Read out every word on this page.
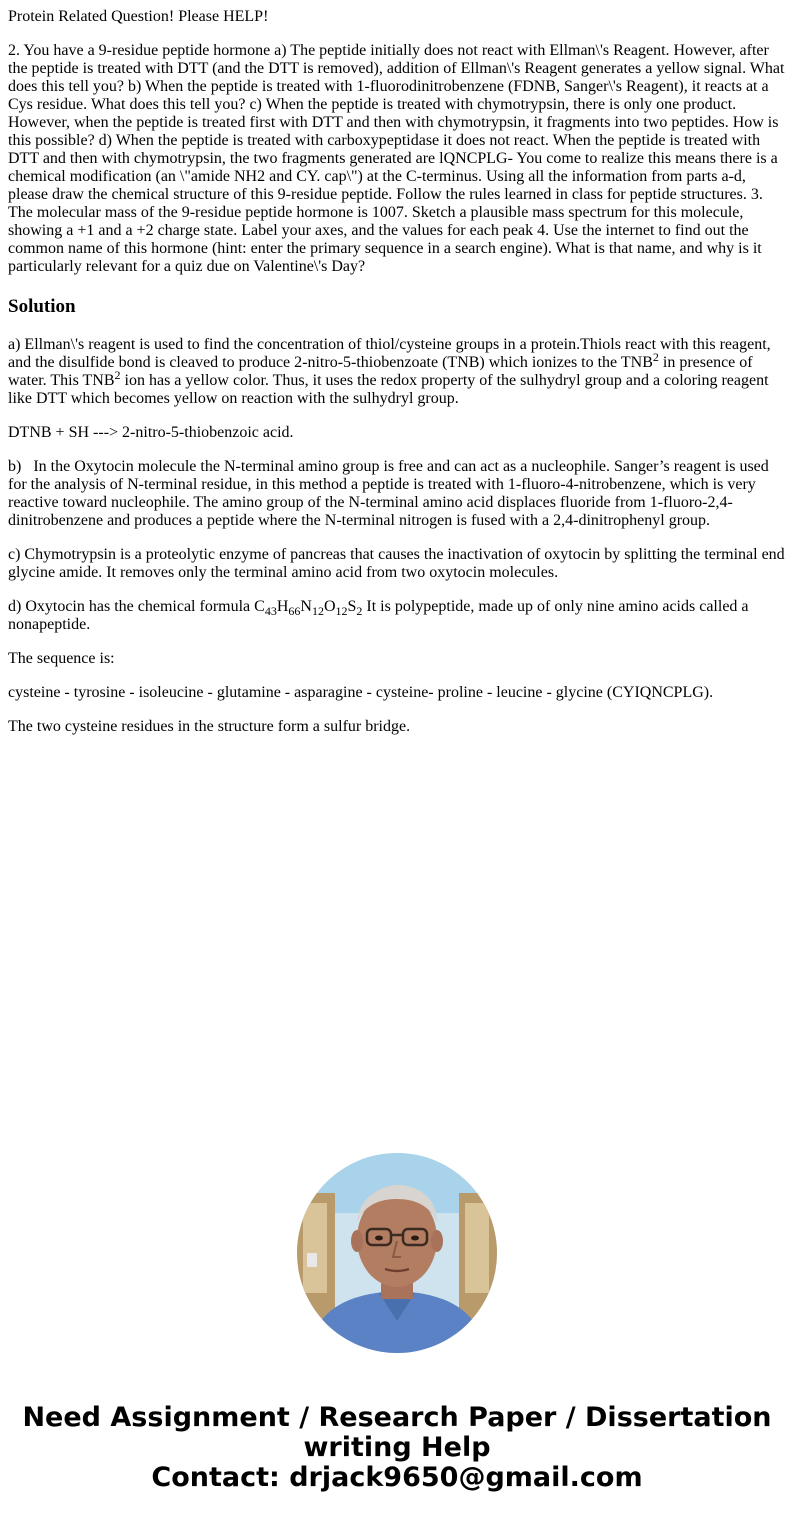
Protein Related Question! Please HELP!

2. You have a 9-residue peptide hormone a) The peptide initially does not react with Ellman\'s Reagent. However, after the peptide is treated with DTT (and the DTT is removed), addition of Ellman\'s Reagent generates a yellow signal. What does this tell you? b) When the peptide is treated with 1-fluorodinitrobenzene (FDNB, Sanger\'s Reagent), it reacts at a Cys residue. What does this tell you? c) When the peptide is treated with chymotrypsin, there is only one product. However, when the peptide is treated first with DTT and then with chymotrypsin, it fragments into two peptides. How is this possible? d) When the peptide is treated with carboxypeptidase it does not react. When the peptide is treated with DTT and then with chymotrypsin, the two fragments generated are lQNCPLG- You come to realize this means there is a chemical modification (an \"amide NH2 and CY. cap\") at the C-terminus. Using all the information from parts a-d, please draw the chemical structure of this 9-residue peptide. Follow the rules learned in class for peptide structures. 3. The molecular mass of the 9-residue peptide hormone is 1007. Sketch a plausible mass spectrum for this molecule, showing a +1 and a +2 charge state. Label your axes, and the values for each peak 4. Use the internet to find out the common name of this hormone (hint: enter the primary sequence in a search engine). What is that name, and why is it particularly relevant for a quiz due on Valentine\'s Day?

Solution

a) Ellman\'s reagent is used to find the concentration of thiol/cysteine groups in a protein.Thiols react with this reagent, and the disulfide bond is cleaved to produce 2-nitro-5-thiobenzoate (TNB) which ionizes to the TNB$^2$ in presence of water. This TNB$^2$ ion has a yellow color. Thus, it uses the redox property of the sulhydryl group and a coloring reagent like DTT which becomes yellow on reaction with the sulhydryl group.

DTNB + SH ---> 2-nitro-5-thiobenzoic acid.

b)   In the Oxytocin molecule the N-terminal amino group is free and can act as a nucleophile. Sanger’s reagent is used for the analysis of N-terminal residue, in this method a peptide is treated with 1-fluoro-4-nitrobenzene, which is very reactive toward nucleophile. The amino group of the N-terminal amino acid displaces fluoride from 1-fluoro-2,4-dinitrobenzene and produces a peptide where the N-terminal nitrogen is fused with a 2,4-dinitrophenyl group.

c) Chymotrypsin is a proteolytic enzyme of pancreas that causes the inactivation of oxytocin by splitting the terminal end glycine amide. It removes only the terminal amino acid from two oxytocin molecules.

d) Oxytocin has the chemical formula $C_{43}H_{66}N_{12}O_{12}S_2$ It is polypeptide, made up of only nine amino acids called a nonapeptide.

The sequence is:

cysteine - tyrosine - isoleucine - glutamine - asparagine - cysteine- proline - leucine - glycine (CYIQNCPLG).

The two cysteine residues in the structure form a sulfur bridge.

Need Assignment / Research Paper / Dissertation
writing Help
Contact: drjack9650@gmail.com
